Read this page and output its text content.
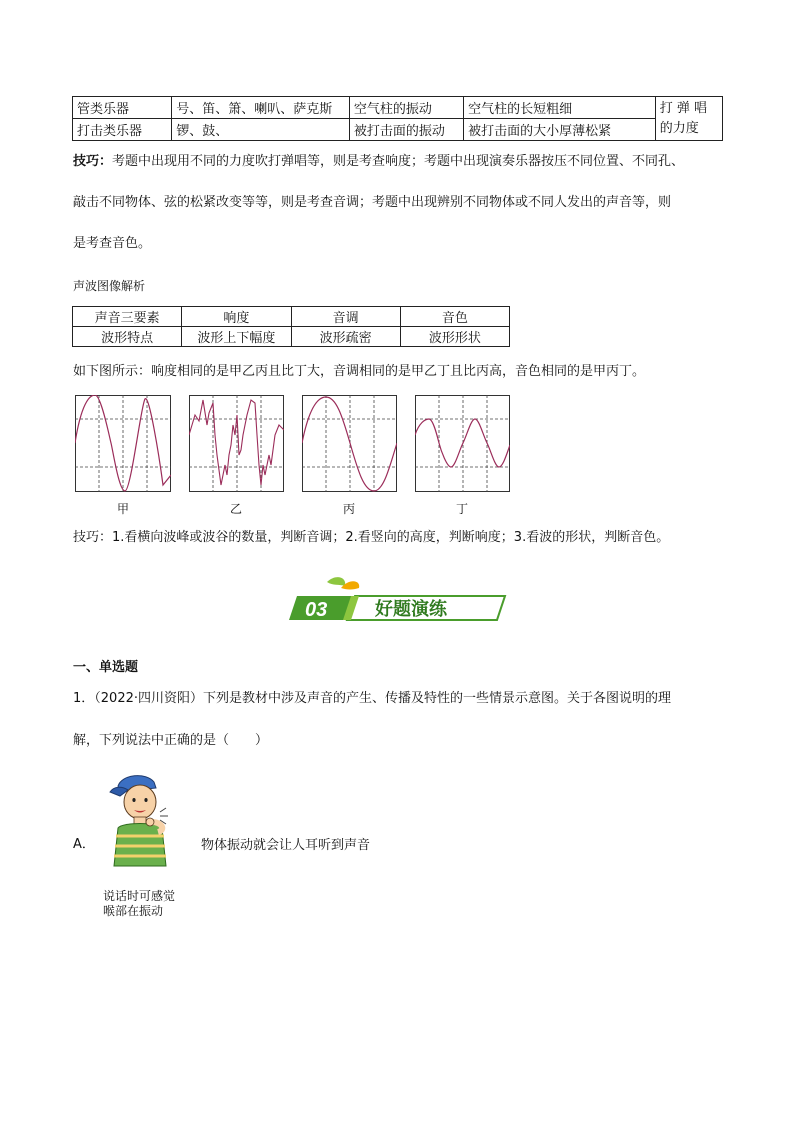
管类乐器	号、笛、箫、喇叭、萨克斯	空气柱的振动	空气柱的长短粗细	打 弹 唱
的力度

打击类乐器	锣、鼓、	被打击面的振动	被打击面的大小厚薄松紧	
技巧：考题中出现用不同的力度吹打弹唱等，则是考查响度；考题中出现演奏乐器按压不同位置、不同孔、
敲击不同物体、弦的松紧改变等等，则是考查音调；考题中出现辨别不同物体或不同人发出的声音等，则
是考查音色。
声波图像解析
声音三要素	响度	音调	音色
波形特点	波形上下幅度	波形疏密	波形形状
如下图所示：响度相同的是甲乙丙且比丁大，音调相同的是甲乙丁且比丙高，音色相同的是甲丙丁。
甲	乙	丙	丁
技巧：1.看横向波峰或波谷的数量，判断音调；2.看竖向的高度，判断响度；3.看波的形状，判断音色。
03	好题演练
一、单选题
1．（2022·四川资阳）下列是教材中涉及声音的产生、传播及特性的一些情景示意图。关于各图说明的理
解，下列说法中正确的是（　　）
A．
说话时可感觉
喉部在振动
物体振动就会让人耳听到声音
